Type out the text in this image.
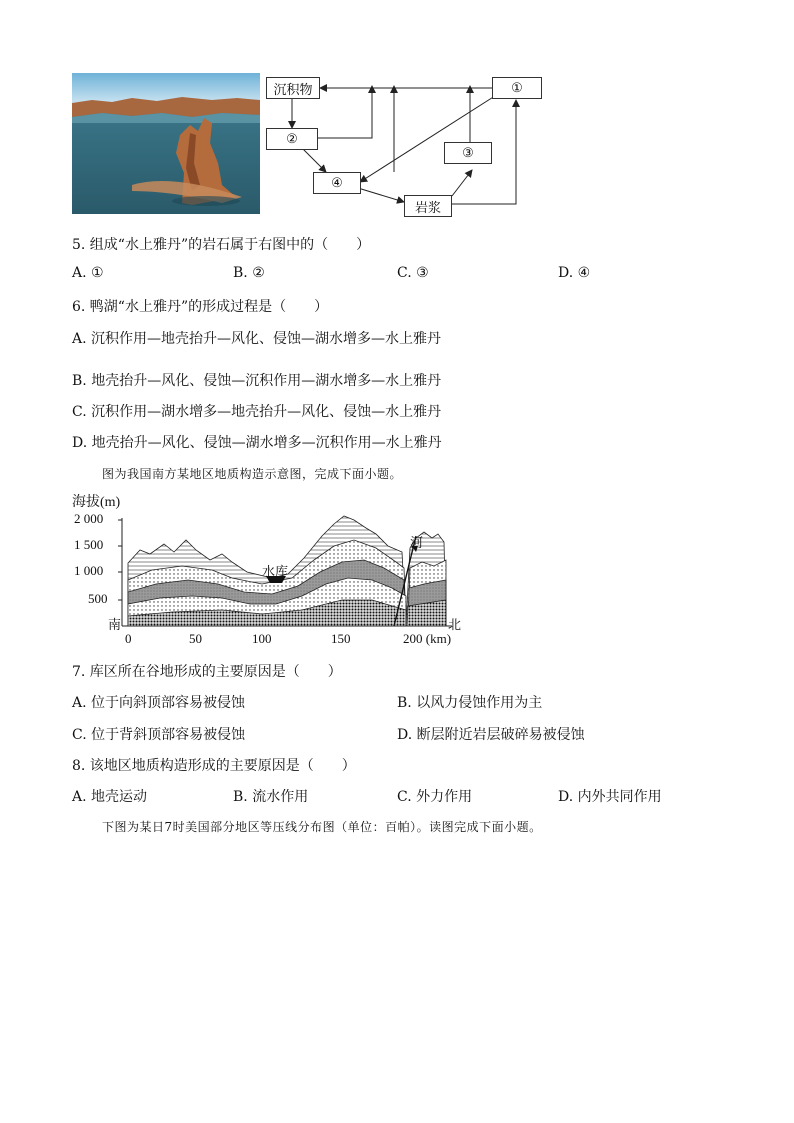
沉积物	①
②
③
④
岩浆
5. 组成“水上雅丹”的岩石属于右图中的（　　）
A. ①	B. ②	C. ③	D. ④
6. 鸭湖“水上雅丹”的形成过程是（　　）
A. 沉积作用—地壳抬升—风化、侵蚀—湖水增多—水上雅丹
B. 地壳抬升—风化、侵蚀—沉积作用—湖水增多—水上雅丹
C. 沉积作用—湖水增多—地壳抬升—风化、侵蚀—水上雅丹
D. 地壳抬升—风化、侵蚀—湖水增多—沉积作用—水上雅丹
图为我国南方某地区地质构造示意图，完成下面小题。
海拔(m)
2 000
1 500
1 000
500
南	北
水库
河
0	50	100	150	200 (km)
7. 库区所在谷地形成的主要原因是（　　）
A. 位于向斜顶部容易被侵蚀	B. 以风力侵蚀作用为主
C. 位于背斜顶部容易被侵蚀	D. 断层附近岩层破碎易被侵蚀
8. 该地区地质构造形成的主要原因是（　　）
A. 地壳运动	B. 流水作用	C. 外力作用	D. 内外共同作用
下图为某日7时美国部分地区等压线分布图（单位：百帕）。读图完成下面小题。
